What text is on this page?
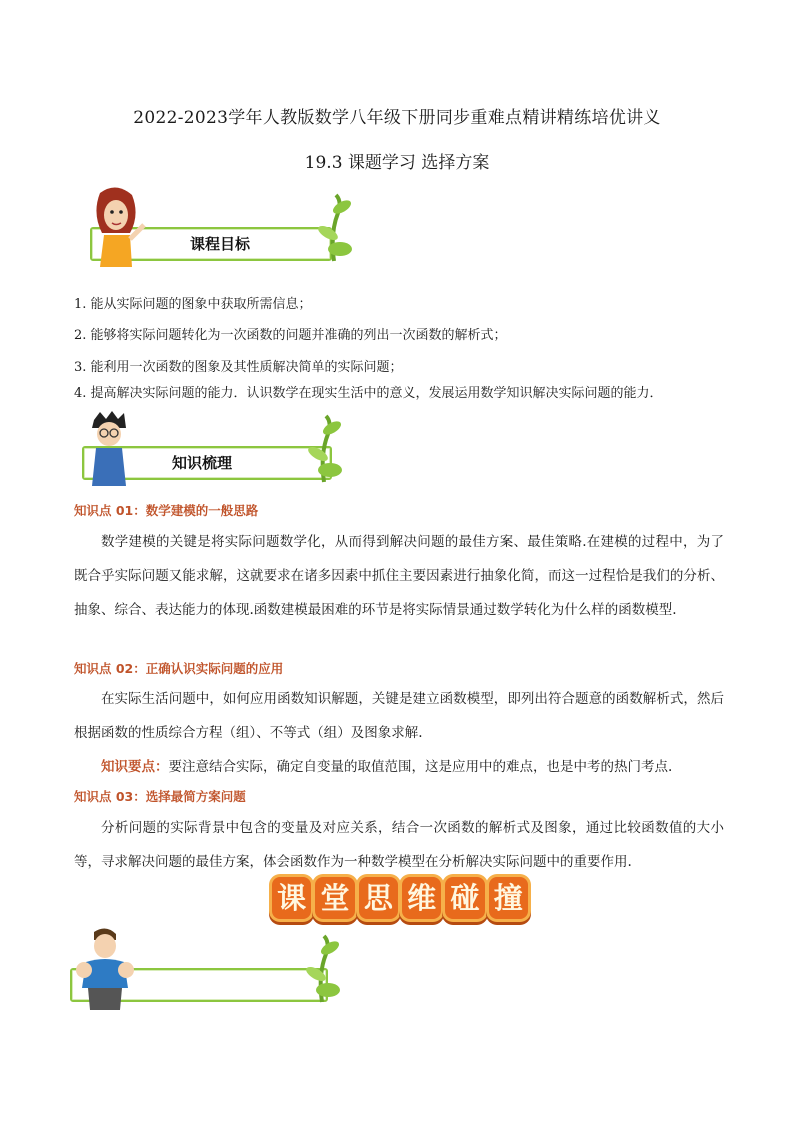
2022-2023学年人教版数学八年级下册同步重难点精讲精练培优讲义
19.3 课题学习 选择方案
课程目标
1. 能从实际问题的图象中获取所需信息；
2. 能够将实际问题转化为一次函数的问题并准确的列出一次函数的解析式；
3. 能利用一次函数的图象及其性质解决简单的实际问题；
4. 提高解决实际问题的能力．认识数学在现实生活中的意义，发展运用数学知识解决实际问题的能力．
知识梳理
知识点 01：数学建模的一般思路
数学建模的关键是将实际问题数学化，从而得到解决问题的最佳方案、最佳策略.在建模的过程中，为了既合乎实际问题又能求解，这就要求在诸多因素中抓住主要因素进行抽象化简，而这一过程恰是我们的分析、抽象、综合、表达能力的体现.函数建模最困难的环节是将实际情景通过数学转化为什么样的函数模型.
知识点 02：正确认识实际问题的应用
在实际生活问题中，如何应用函数知识解题，关键是建立函数模型，即列出符合题意的函数解析式，然后根据函数的性质综合方程（组）、不等式（组）及图象求解.
知识要点：要注意结合实际，确定自变量的取值范围，这是应用中的难点，也是中考的热门考点.
知识点 03：选择最简方案问题
分析问题的实际背景中包含的变量及对应关系，结合一次函数的解析式及图象，通过比较函数值的大小等，寻求解决问题的最佳方案，体会函数作为一种数学模型在分析解决实际问题中的重要作用.
课 堂 思 维 碰 撞
